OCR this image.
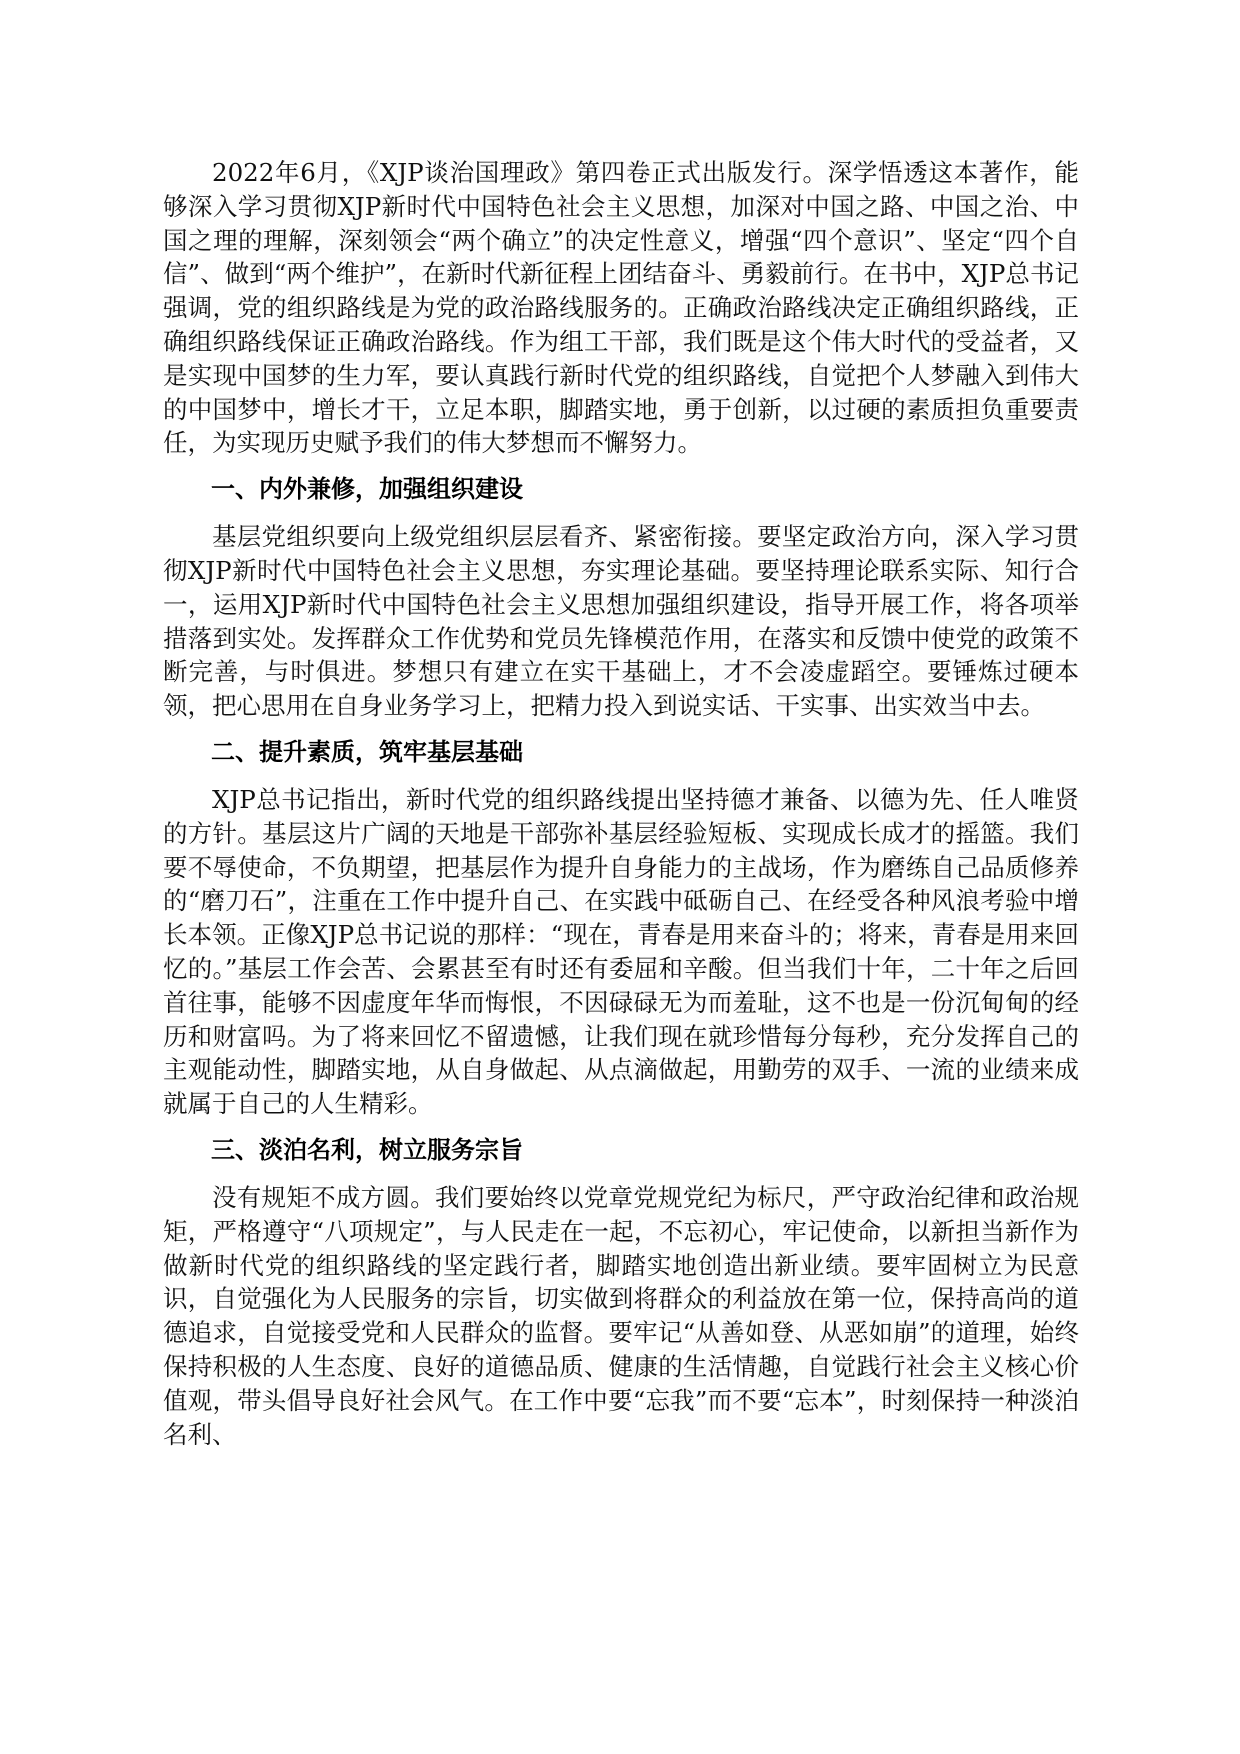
2022年6月，《XJP谈治国理政》第四卷正式出版发行。深学悟透这本著作，能够深入学习贯彻XJP新时代中国特色社会主义思想，加深对中国之路、中国之治、中国之理的理解，深刻领会“两个确立”的决定性意义，增强“四个意识”、坚定“四个自信”、做到“两个维护”，在新时代新征程上团结奋斗、勇毅前行。在书中，XJP总书记强调，党的组织路线是为党的政治路线服务的。正确政治路线决定正确组织路线，正确组织路线保证正确政治路线。作为组工干部，我们既是这个伟大时代的受益者，又是实现中国梦的生力军，要认真践行新时代党的组织路线，自觉把个人梦融入到伟大的中国梦中，增长才干，立足本职，脚踏实地，勇于创新，以过硬的素质担负重要责任，为实现历史赋予我们的伟大梦想而不懈努力。

一、内外兼修，加强组织建设

基层党组织要向上级党组织层层看齐、紧密衔接。要坚定政治方向，深入学习贯彻XJP新时代中国特色社会主义思想，夯实理论基础。要坚持理论联系实际、知行合一，运用XJP新时代中国特色社会主义思想加强组织建设，指导开展工作，将各项举措落到实处。发挥群众工作优势和党员先锋模范作用，在落实和反馈中使党的政策不断完善，与时俱进。梦想只有建立在实干基础上，才不会凌虚蹈空。要锤炼过硬本领，把心思用在自身业务学习上，把精力投入到说实话、干实事、出实效当中去。

二、提升素质，筑牢基层基础

XJP总书记指出，新时代党的组织路线提出坚持德才兼备、以德为先、任人唯贤的方针。基层这片广阔的天地是干部弥补基层经验短板、实现成长成才的摇篮。我们要不辱使命，不负期望，把基层作为提升自身能力的主战场，作为磨练自己品质修养的“磨刀石”，注重在工作中提升自己、在实践中砥砺自己、在经受各种风浪考验中增长本领。正像XJP总书记说的那样：“现在，青春是用来奋斗的；将来，青春是用来回忆的。”基层工作会苦、会累甚至有时还有委屈和辛酸。但当我们十年，二十年之后回首往事，能够不因虚度年华而悔恨，不因碌碌无为而羞耻，这不也是一份沉甸甸的经历和财富吗。为了将来回忆不留遗憾，让我们现在就珍惜每分每秒，充分发挥自己的主观能动性，脚踏实地，从自身做起、从点滴做起，用勤劳的双手、一流的业绩来成就属于自己的人生精彩。

三、淡泊名利，树立服务宗旨

没有规矩不成方圆。我们要始终以党章党规党纪为标尺，严守政治纪律和政治规矩，严格遵守“八项规定”，与人民走在一起，不忘初心，牢记使命，以新担当新作为做新时代党的组织路线的坚定践行者，脚踏实地创造出新业绩。要牢固树立为民意识，自觉强化为人民服务的宗旨，切实做到将群众的利益放在第一位，保持高尚的道德追求，自觉接受党和人民群众的监督。要牢记“从善如登、从恶如崩”的道理，始终保持积极的人生态度、良好的道德品质、健康的生活情趣，自觉践行社会主义核心价值观，带头倡导良好社会风气。在工作中要“忘我”而不要“忘本”，时刻保持一种淡泊名利、
